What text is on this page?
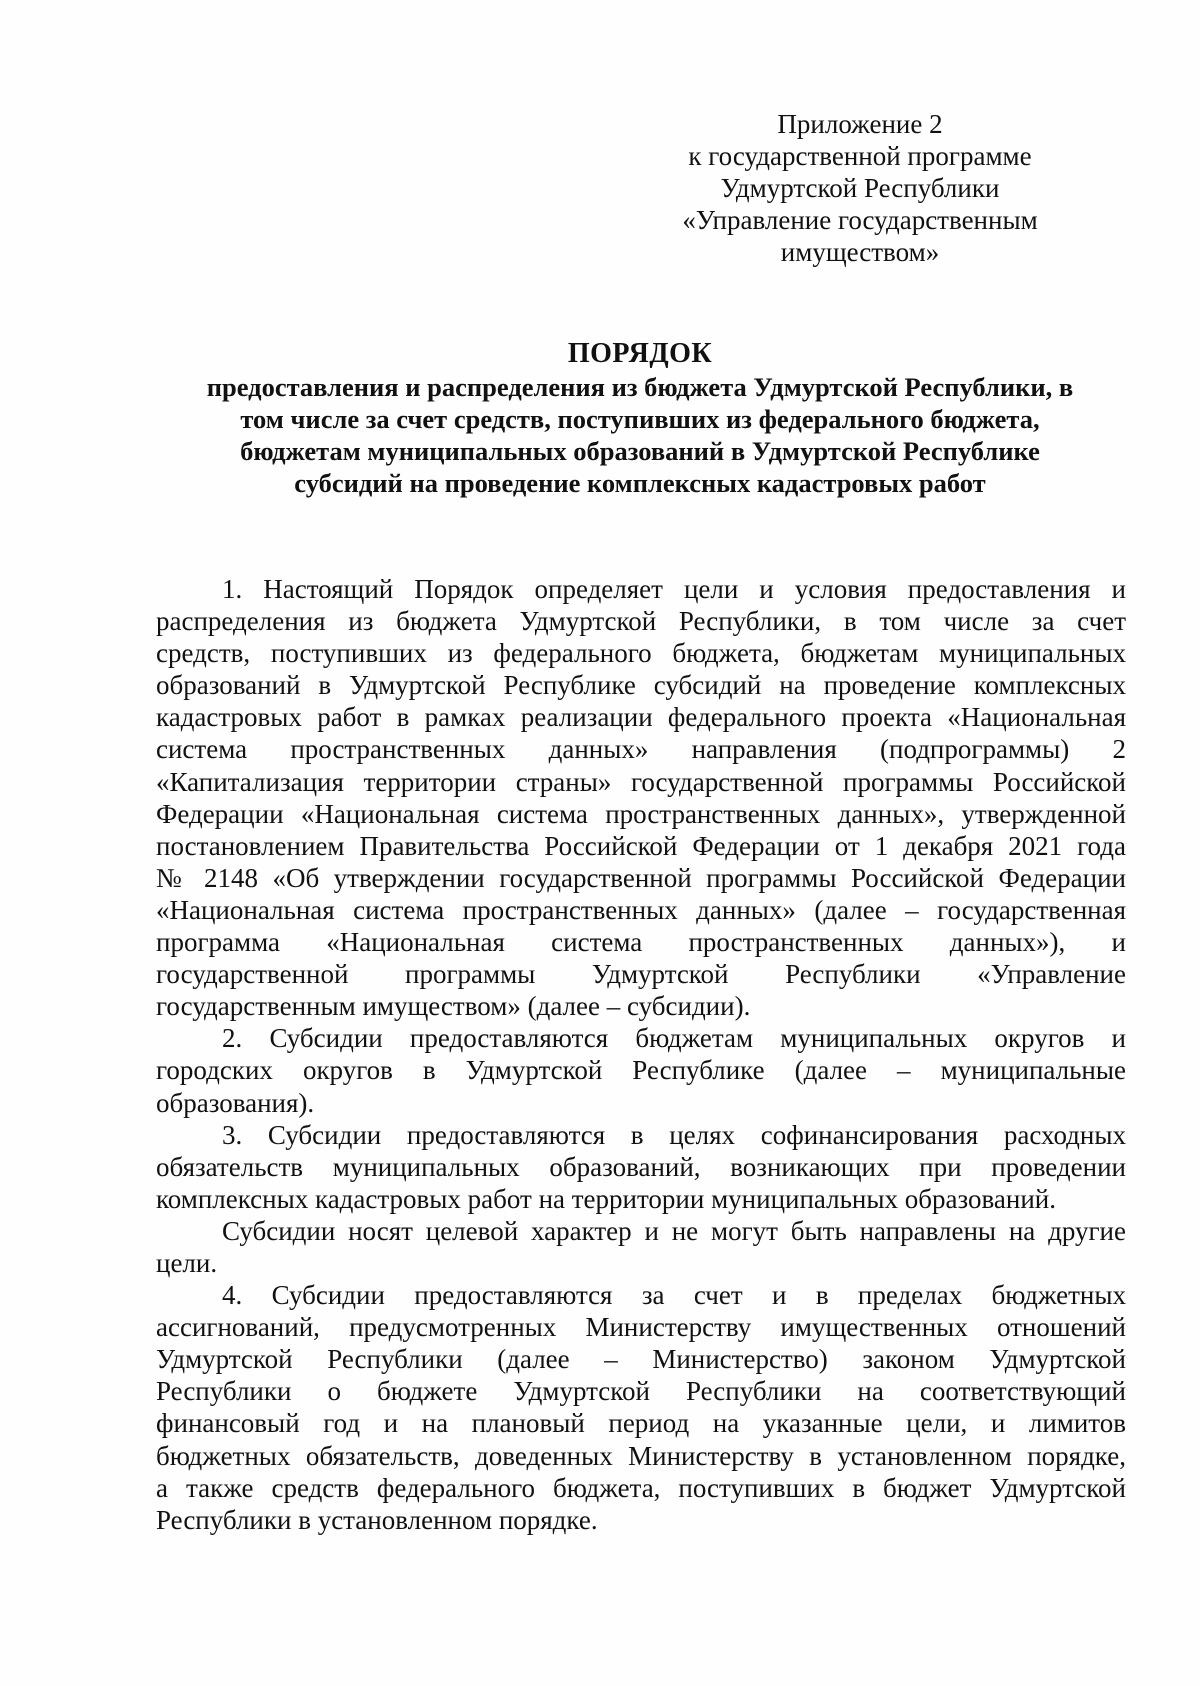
Приложение 2
к государственной программе
Удмуртской Республики
«Управление государственным
имуществом»
ПОРЯДОК
предоставления и распределения из бюджета Удмуртской Республики, в
том числе за счет средств, поступивших из федерального бюджета,
бюджетам муниципальных образований в Удмуртской Республике
субсидий на проведение комплексных кадастровых работ
1. Настоящий Порядок определяет цели и условия предоставления и
распределения из бюджета Удмуртской Республики, в том числе за счет
средств, поступивших из федерального бюджета, бюджетам муниципальных
образований в Удмуртской Республике субсидий на проведение комплексных
кадастровых работ в рамках реализации федерального проекта «Национальная
система пространственных данных» направления (подпрограммы) 2
«Капитализация территории страны» государственной программы Российской
Федерации «Национальная система пространственных данных», утвержденной
постановлением Правительства Российской Федерации от 1 декабря 2021 года
№ 2148 «Об утверждении государственной программы Российской Федерации
«Национальная система пространственных данных» (далее – государственная
программа «Национальная система пространственных данных»), и
государственной программы Удмуртской Республики «Управление
государственным имуществом» (далее – субсидии).
2. Субсидии предоставляются бюджетам муниципальных округов и
городских округов в Удмуртской Республике (далее – муниципальные
образования).
3. Субсидии предоставляются в целях софинансирования расходных
обязательств муниципальных образований, возникающих при проведении
комплексных кадастровых работ на территории муниципальных образований.
Субсидии носят целевой характер и не могут быть направлены на другие
цели.
4. Субсидии предоставляются за счет и в пределах бюджетных
ассигнований, предусмотренных Министерству имущественных отношений
Удмуртской Республики (далее – Министерство) законом Удмуртской
Республики о бюджете Удмуртской Республики на соответствующий
финансовый год и на плановый период на указанные цели, и лимитов
бюджетных обязательств, доведенных Министерству в установленном порядке,
а также средств федерального бюджета, поступивших в бюджет Удмуртской
Республики в установленном порядке.
